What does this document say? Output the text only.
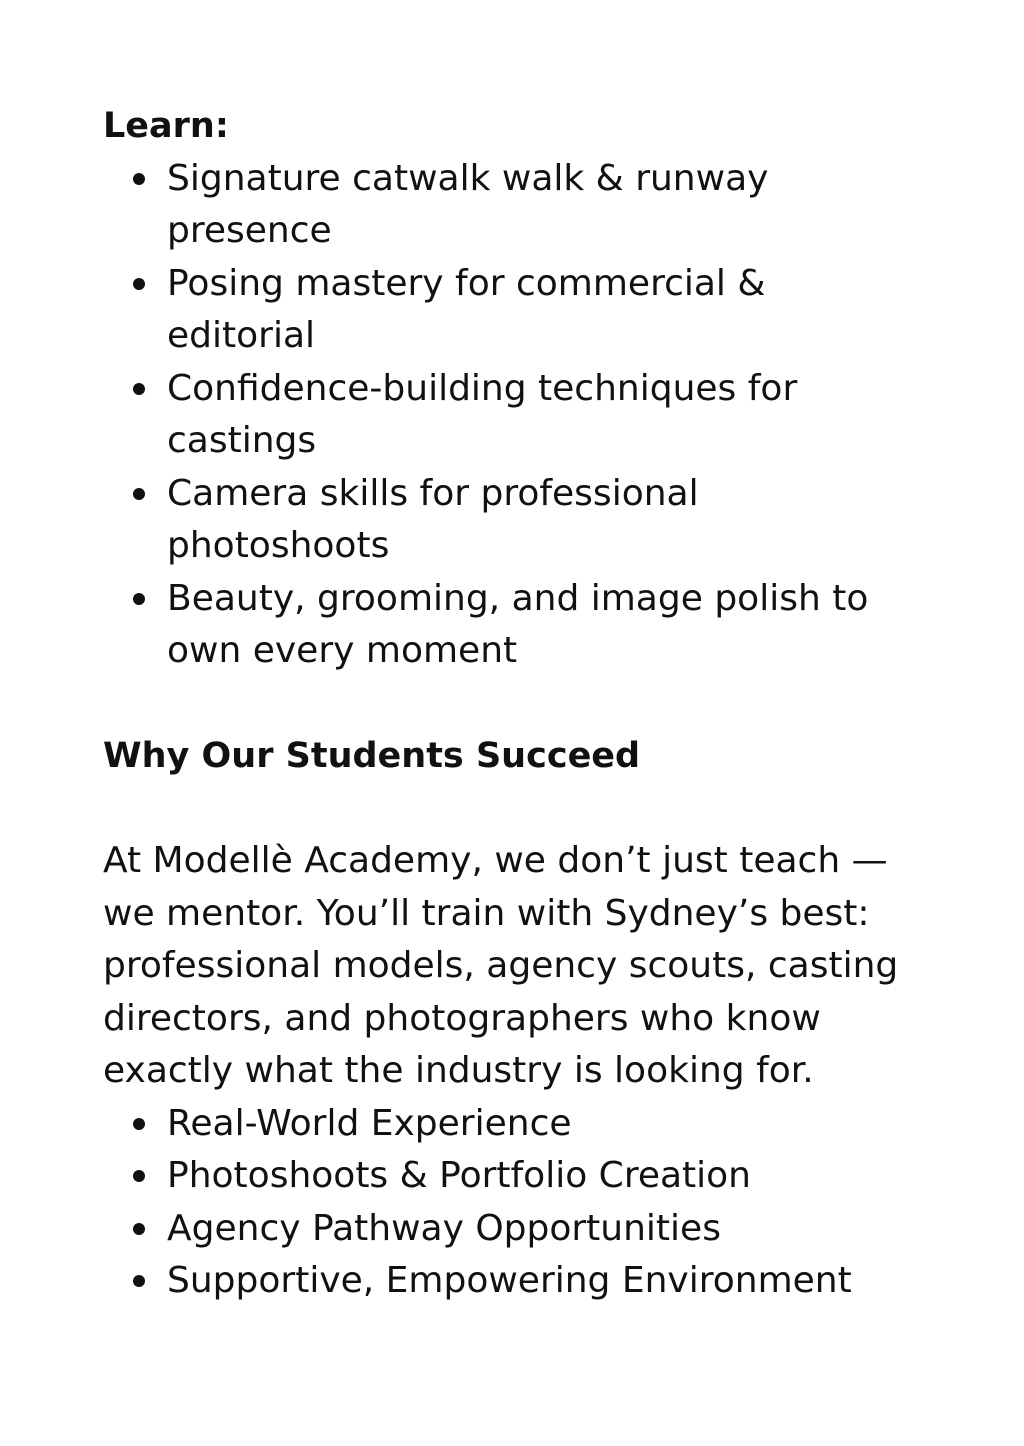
Learn:

Signature catwalk walk & runway presence
Posing mastery for commercial & editorial
Confidence-building techniques for castings
Camera skills for professional photoshoots
Beauty, grooming, and image polish to own every moment

Why Our Students Succeed

At Modellè Academy, we don’t just teach — we mentor. You’ll train with Sydney’s best: professional models, agency scouts, casting directors, and photographers who know exactly what the industry is looking for.

Real-World Experience
Photoshoots & Portfolio Creation
Agency Pathway Opportunities
Supportive, Empowering Environment
